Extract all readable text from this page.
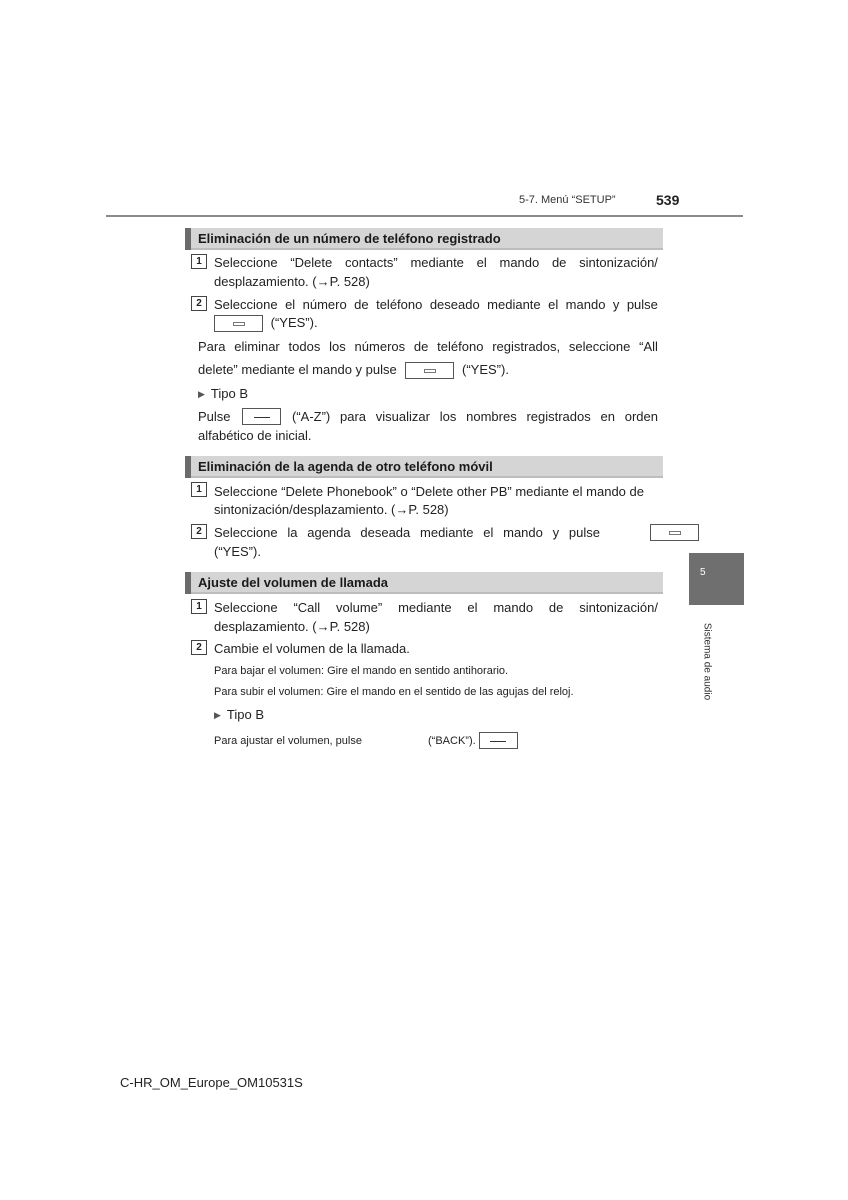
5-7. Menú “SETUP”	539
Eliminación de un número de teléfono registrado
1 Seleccione “Delete contacts” mediante el mando de sintonización/
desplazamiento. (→P. 528)
2 Seleccione el número de teléfono deseado mediante el mando y pulse
(“YES”).
Para eliminar todos los números de teléfono registrados, seleccione “All
delete” mediante el mando y pulse	(“YES”).
▶ Tipo B
Pulse
	(“A-Z”) para visualizar los nombres registrados en orden
alfabético de inicial.
Eliminación de la agenda de otro teléfono móvil
1 Seleccione “Delete Phonebook” o “Delete other PB” mediante el mando de
sintonización/desplazamiento. (→P. 528)
2 Seleccione la agenda deseada mediante el mando y pulse

(“YES”).
Ajuste del volumen de llamada
1 Seleccione “Call volume” mediante el mando de sintonización/
desplazamiento. (→P. 528)
2 Cambie el volumen de la llamada.
Para bajar el volumen: Gire el mando en sentido antihorario.
Para subir el volumen: Gire el mando en el sentido de las agujas del reloj.
▶ Tipo B
Para ajustar el volumen, pulse	(“BACK”).
5
Sistema de audio
C-HR_OM_Europe_OM10531S
